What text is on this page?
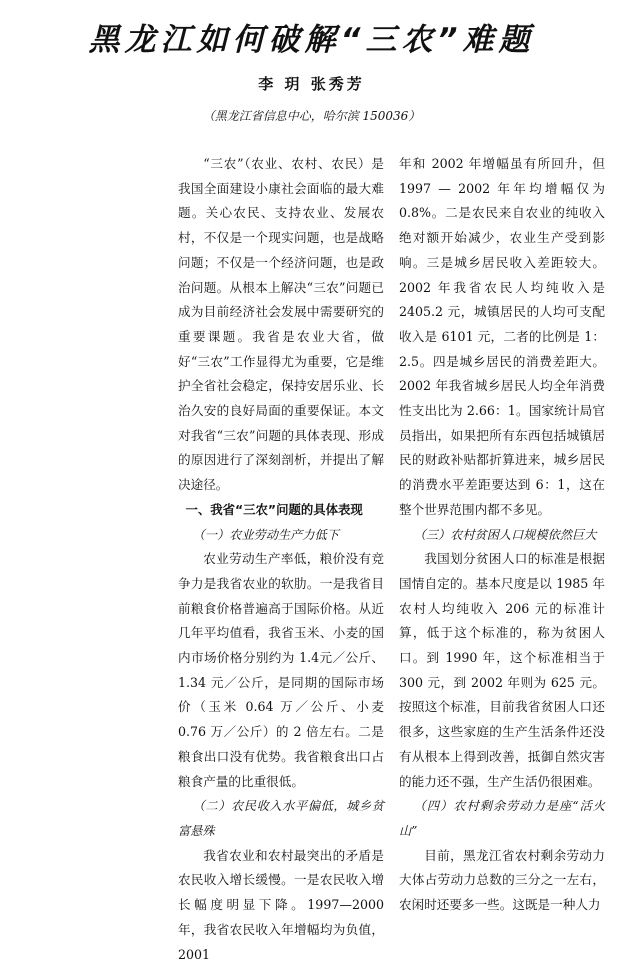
黑龙江如何破解“三农”难题
李 玥 张秀芳
（黑龙江省信息中心，哈尔滨 150036）

“三农”（农业、农村、农民）是我国全面建设小康社会面临的最大难题。关心农民、支持农业、发展农村，不仅是一个现实问题，也是战略问题；不仅是一个经济问题，也是政治问题。从根本上解决“三农”问题已成为目前经济社会发展中需要研究的重要课题。我省是农业大省，做好“三农”工作显得尤为重要，它是维护全省社会稳定，保持安居乐业、长治久安的良好局面的重要保证。本文对我省“三农”问题的具体表现、形成的原因进行了深刻剖析，并提出了解决途径。

一、我省“三农”问题的具体表现

（一）农业劳动生产力低下

农业劳动生产率低，粮价没有竞争力是我省农业的软肋。一是我省目前粮食价格普遍高于国际价格。从近几年平均值看，我省玉米、小麦的国内市场价格分别约为 1.4元／公斤、1.34 元／公斤，是同期的国际市场价（玉米 0.64 万／公斤、小麦 0.76 万／公斤）的 2 倍左右。二是粮食出口没有优势。我省粮食出口占粮食产量的比重很低。

（二）农民收入水平偏低，城乡贫富悬殊

我省农业和农村最突出的矛盾是农民收入增长缓慢。一是农民收入增长幅度明显下降。1997—2000 年，我省农民收入年增幅均为负值，2001

年和 2002 年增幅虽有所回升，但 1997 — 2002 年年均增幅仅为 0.8%。二是农民来自农业的纯收入绝对额开始减少，农业生产受到影响。三是城乡居民收入差距较大。2002 年我省农民人均纯收入是 2405.2 元，城镇居民的人均可支配收入是 6101 元，二者的比例是 1：2.5。四是城乡居民的消费差距大。2002 年我省城乡居民人均全年消费性支出比为 2.66：1。国家统计局官员指出，如果把所有东西包括城镇居民的财政补贴都折算进来，城乡居民的消费水平差距要达到 6：1，这在整个世界范围内都不多见。

（三）农村贫困人口规模依然巨大

我国划分贫困人口的标准是根据国情自定的。基本尺度是以 1985 年农村人均纯收入 206 元的标准计算，低于这个标准的，称为贫困人口。到 1990 年，这个标准相当于 300 元，到 2002 年则为 625 元。按照这个标准，目前我省贫困人口还很多，这些家庭的生产生活条件还没有从根本上得到改善，抵御自然灾害的能力还不强，生产生活仍很困难。

（四）农村剩余劳动力是座“活火山”

目前，黑龙江省农村剩余劳动力大体占劳动力总数的三分之一左右，农闲时还要多一些。这既是一种人力
